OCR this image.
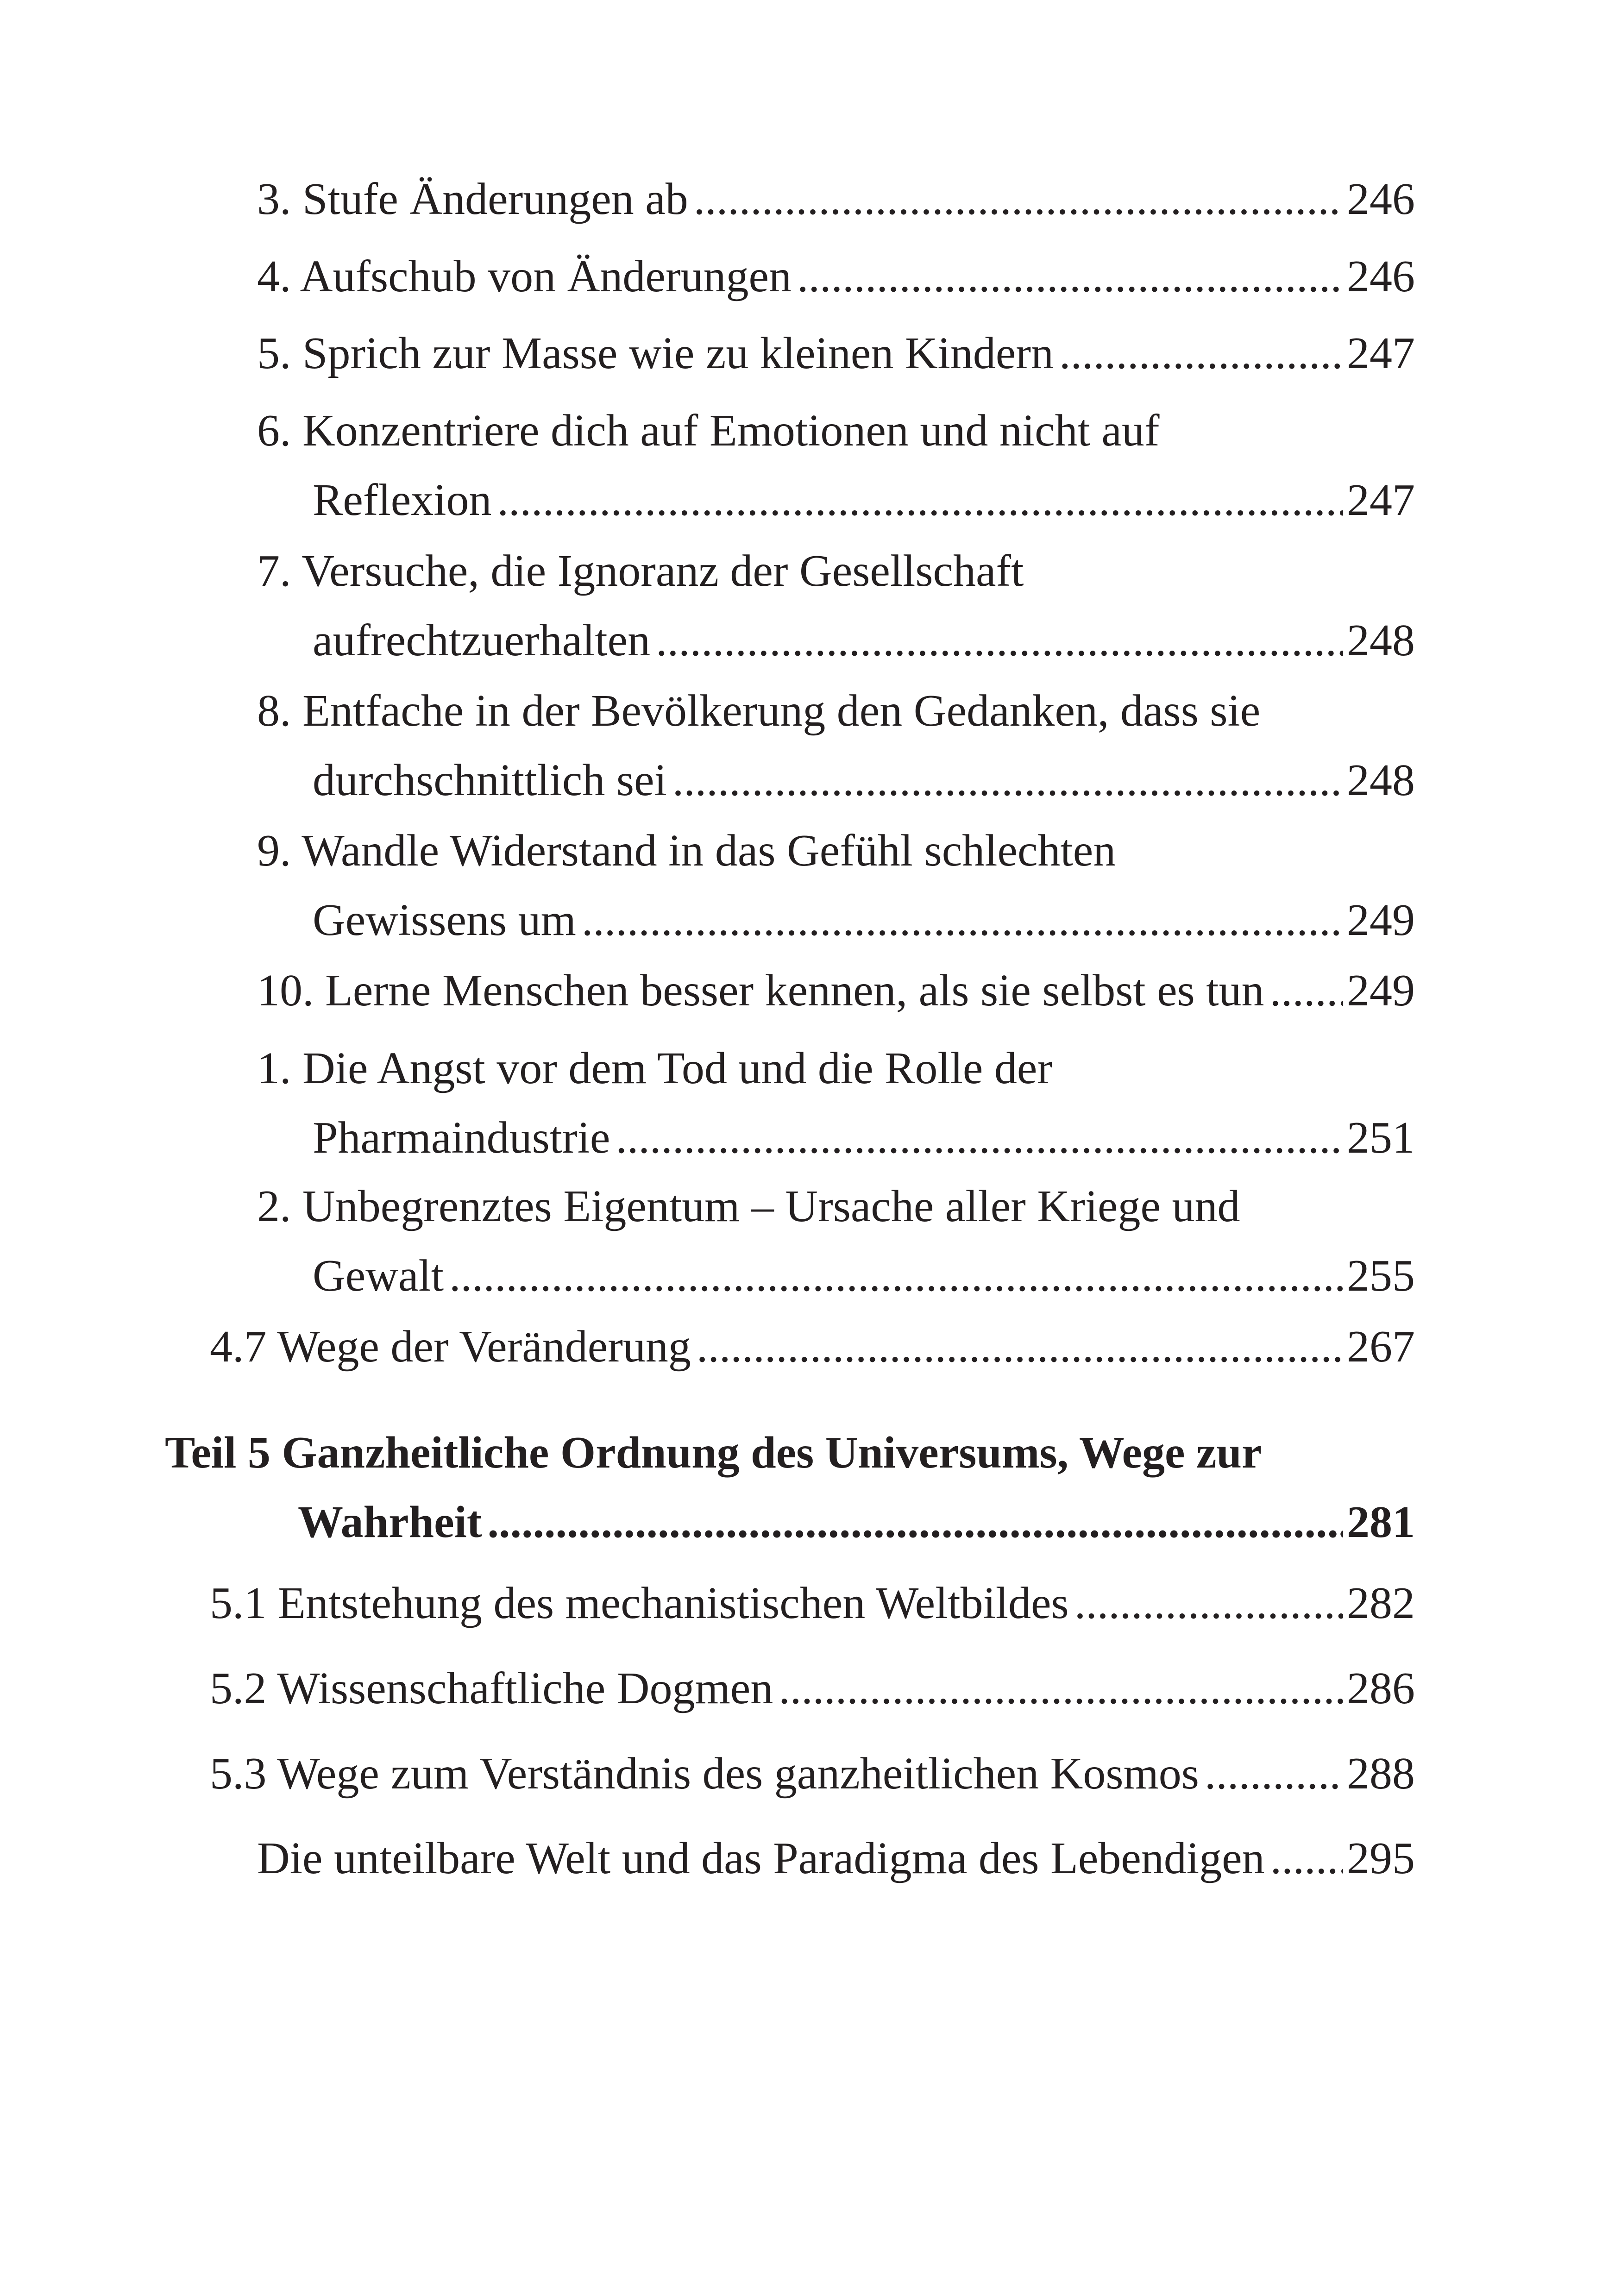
3. Stufe Änderungen ab .....	246
4. Aufschub von Änderungen .....	246
5. Sprich zur Masse wie zu kleinen Kindern .....	247
6. Konzentriere dich auf Emotionen und nicht auf
Reflexion .....	247
7. Versuche, die Ignoranz der Gesellschaft
aufrechtzuerhalten .....	248
8. Entfache in der Bevölkerung den Gedanken, dass sie
durchschnittlich sei .....	248
9. Wandle Widerstand in das Gefühl schlechten
Gewissens um .....	249
10. Lerne Menschen besser kennen, als sie selbst es tun ..... 249
1. Die Angst vor dem Tod und die Rolle der
Pharmaindustrie .....	251
2. Unbegrenztes Eigentum – Ursache aller Kriege und
Gewalt .....	255
4.7 Wege der Veränderung .....	267
Teil 5 Ganzheitliche Ordnung des Universums, Wege zur
Wahrheit .....	281
5.1 Entstehung des mechanistischen Weltbildes .....	282
5.2 Wissenschaftliche Dogmen .....	286
5.3 Wege zum Verständnis des ganzheitlichen Kosmos .....	288
Die unteilbare Welt und das Paradigma des Lebendigen ..... 295
